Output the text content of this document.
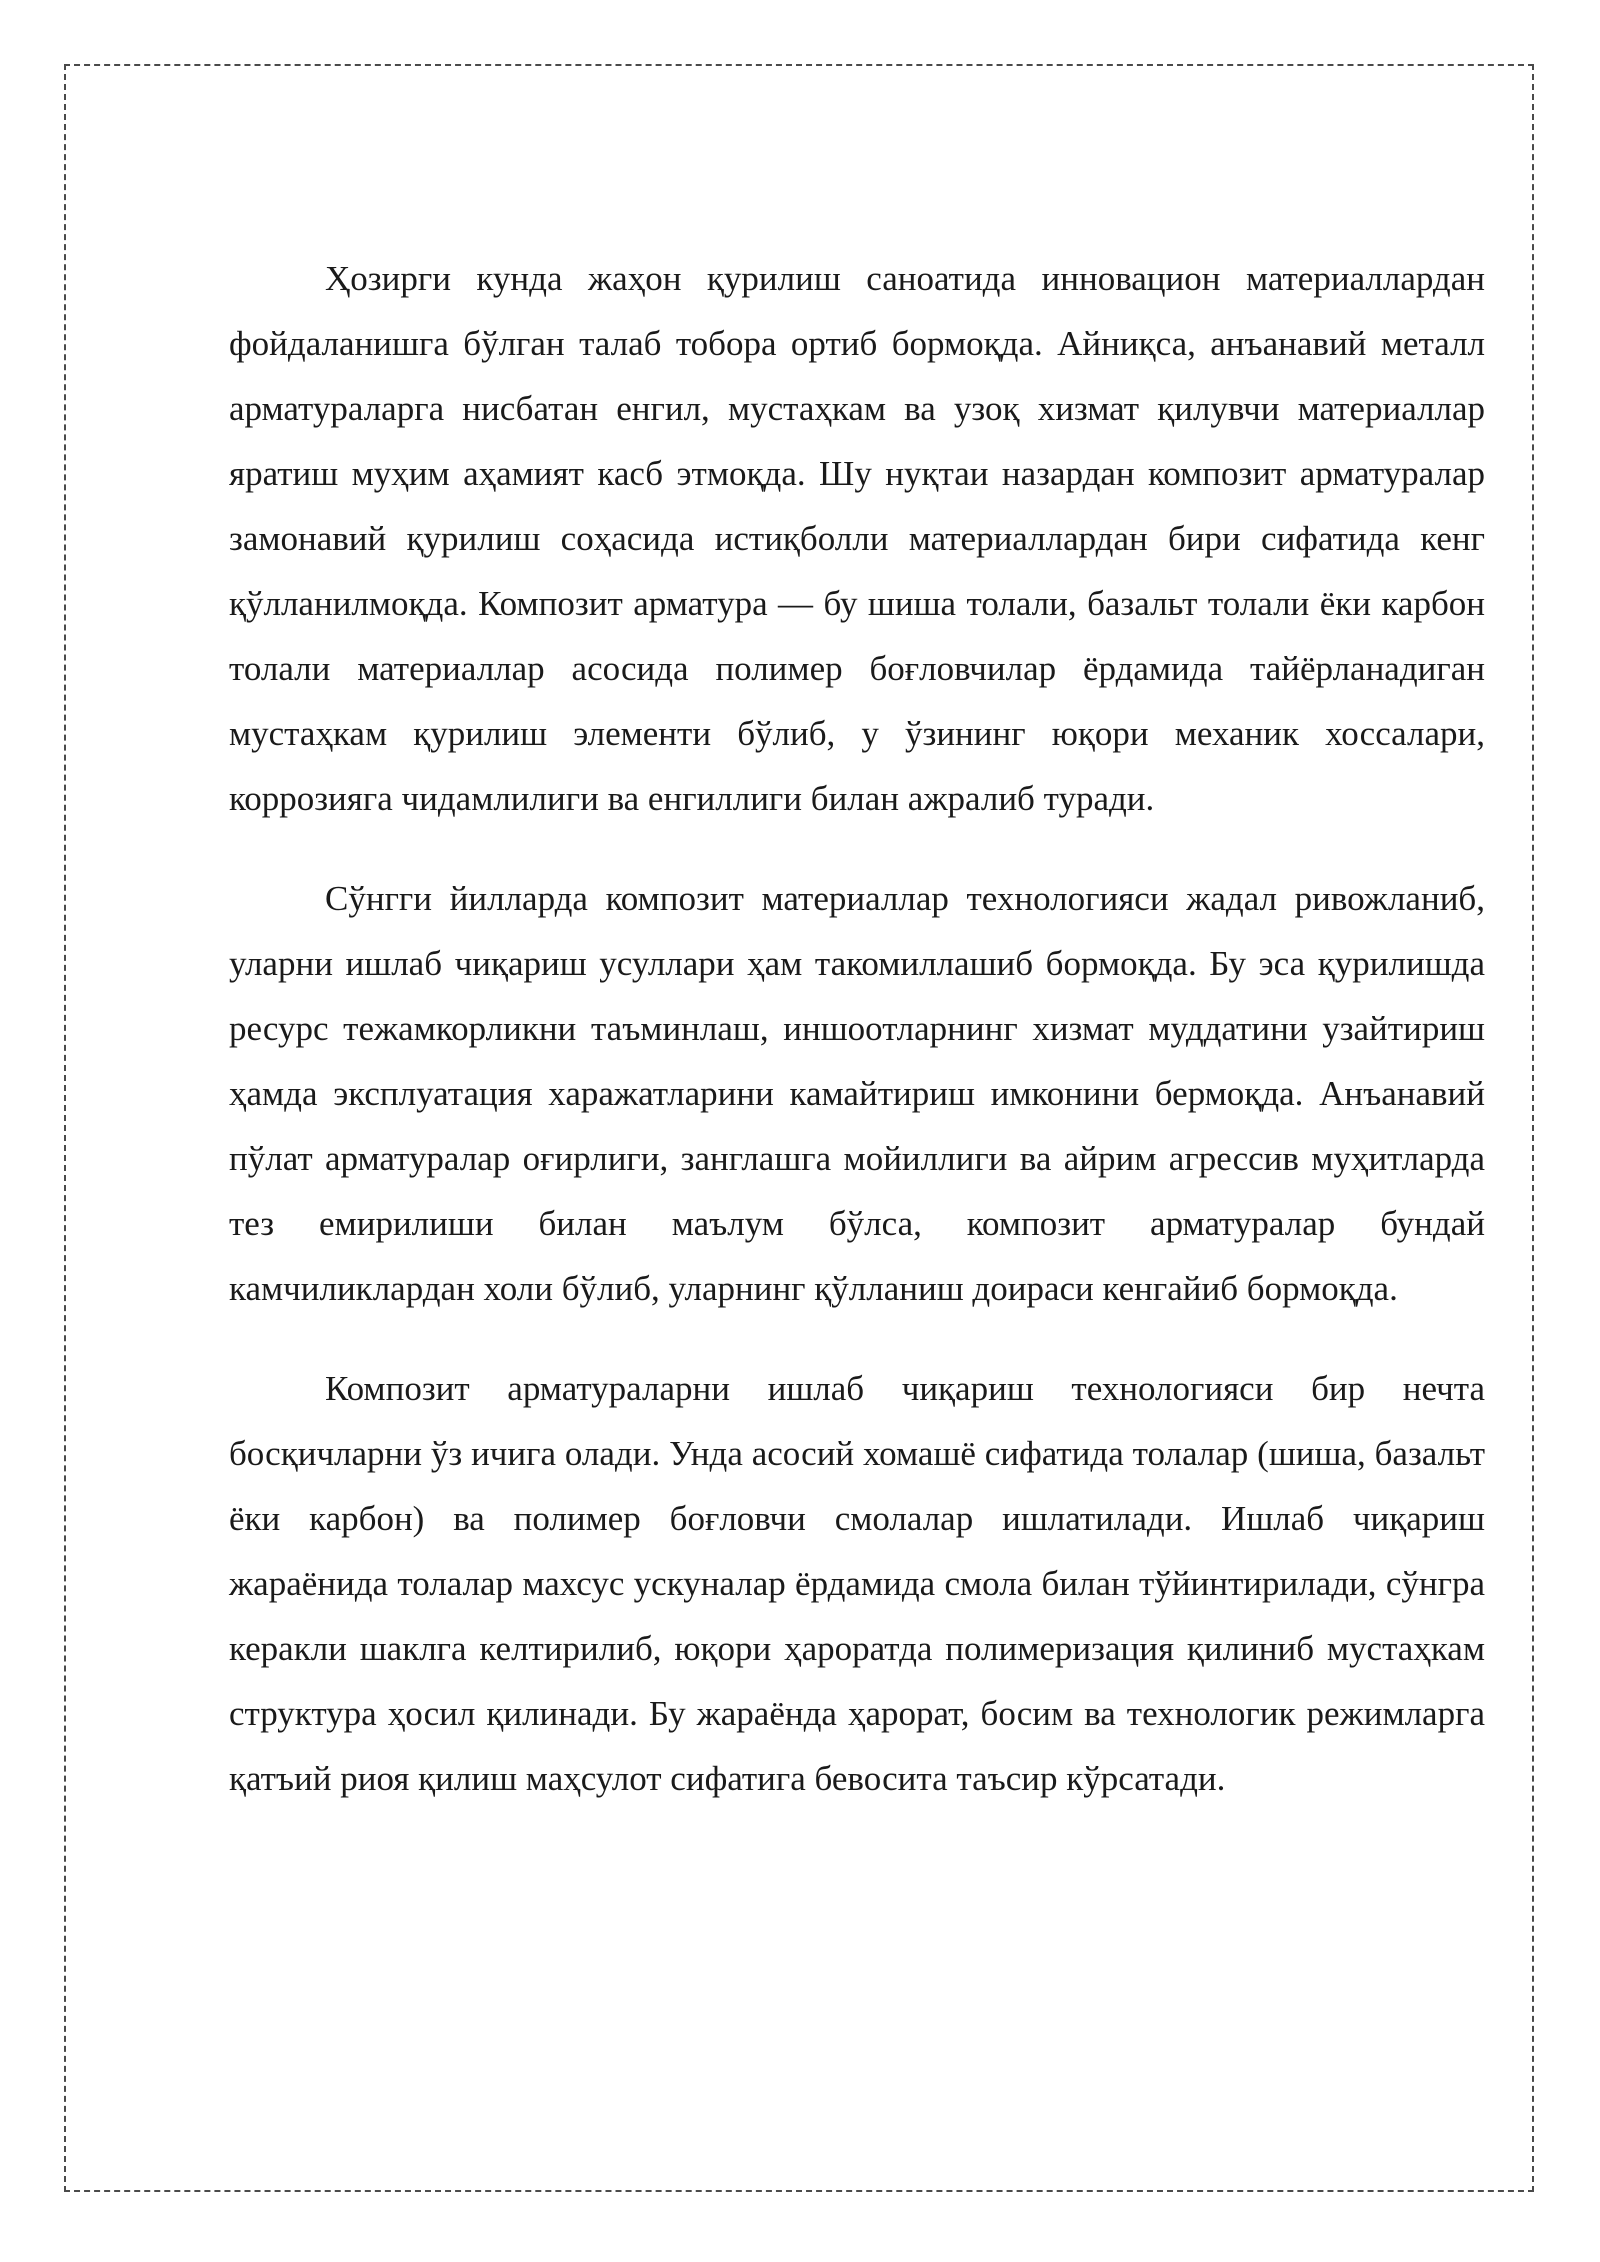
Ҳозирги кунда жаҳон қурилиш саноатида инновацион материаллардан фойдаланишга бўлган талаб тобора ортиб бормоқда. Айниқса, анъанавий металл арматураларга нисбатан енгил, мустаҳкам ва узоқ хизмат қилувчи материаллар яратиш муҳим аҳамият касб этмоқда. Шу нуқтаи назардан композит арматуралар замонавий қурилиш соҳасида истиқболли материаллардан бири сифатида кенг қўлланилмоқда. Композит арматура — бу шиша толали, базальт толали ёки карбон толали материаллар асосида полимер боғловчилар ёрдамида тайёрланадиган мустаҳкам қурилиш элементи бўлиб, у ўзининг юқори механик хоссалари, коррозияга чидамлилиги ва енгиллиги билан ажралиб туради.

Сўнгги йилларда композит материаллар технологияси жадал ривожланиб, уларни ишлаб чиқариш усуллари ҳам такомиллашиб бормоқда. Бу эса қурилишда ресурс тежамкорликни таъминлаш, иншоотларнинг хизмат муддатини узайтириш ҳамда эксплуатация харажатларини камайтириш имконини бермоқда. Анъанавий пўлат арматуралар оғирлиги, занглашга мойиллиги ва айрим агрессив муҳитларда тез емирилиши билан маълум бўлса, композит арматуралар бундай камчиликлардан холи бўлиб, уларнинг қўлланиш доираси кенгайиб бормоқда.

Композит арматураларни ишлаб чиқариш технологияси бир нечта босқичларни ўз ичига олади. Унда асосий хомашё сифатида толалар (шиша, базальт ёки карбон) ва полимер боғловчи смолалар ишлатилади. Ишлаб чиқариш жараёнида толалар махсус ускуналар ёрдамида смола билан тўйинтирилади, сўнгра керакли шаклга келтирилиб, юқори ҳароратда полимеризация қилиниб мустаҳкам структура ҳосил қилинади. Бу жараёнда ҳарорат, босим ва технологик режимларга қатъий риоя қилиш маҳсулот сифатига бевосита таъсир кўрсатади.
